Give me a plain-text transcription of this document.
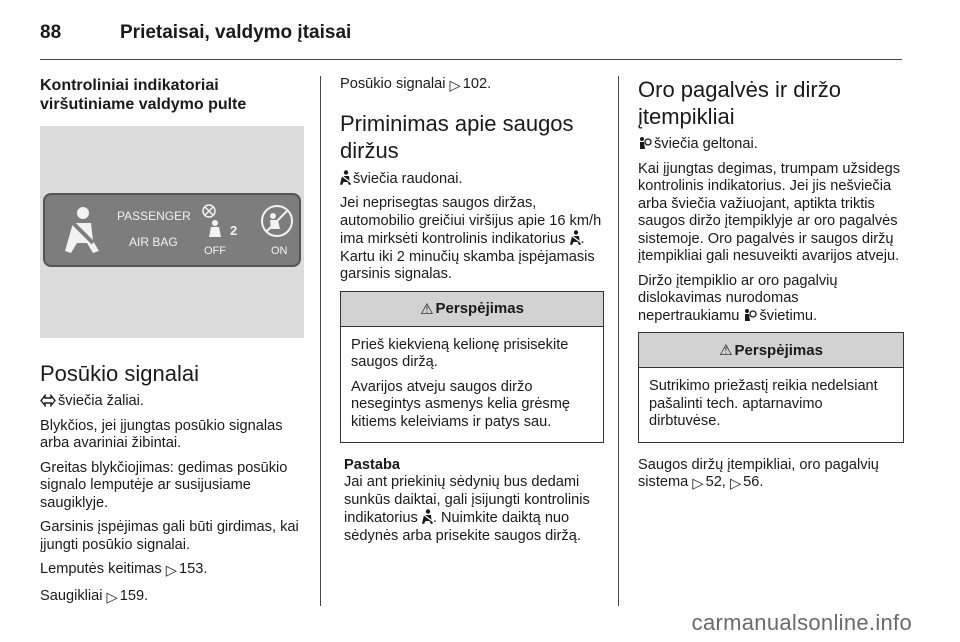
88	Prietaisai, valdymo įtaisai
Kontroliniai indikatoriai viršutiniame valdymo pulte
PASSENGER
AIR BAG
2
OFF	ON
Posūkio signalai

šviečia žaliai.

Blykčios, jei įjungtas posūkio signalas arba avariniai žibintai.

Greitas blykčiojimas: gedimas posūkio signalo lemputėje ar susijusiame saugiklyje.

Garsinis įspėjimas gali būti girdimas, kai įjungti posūkio signalai.

Lemputės keitimas ▷ 153.

Saugikliai ▷ 159.

Posūkio signalai ▷ 102.

Priminimas apie saugos diržus

šviečia raudonai.

Jei neprisegtas saugos diržas, automobilio greičiui viršijus apie 16 km/h ima mirksėti kontrolinis indikatorius . Kartu iki 2 minučių skamba įspėjamasis garsinis signalas.

⚠ Perspėjimas

Prieš kiekvieną kelionę prisisekite saugos diržą.

Avarijos atveju saugos diržo nesegintys asmenys kelia grėsmę kitiems keleiviams ir patys sau.

Pastaba

Jai ant priekinių sėdynių bus dedami sunkūs daiktai, gali įsijungti kontrolinis indikatorius . Nuimkite daiktą nuo sėdynės arba prisekite saugos diržą.

Oro pagalvės ir diržo įtempikliai

šviečia geltonai.

Kai įjungtas degimas, trumpam užsidegs kontrolinis indikatorius. Jei jis nešviečia arba šviečia važiuojant, aptikta triktis saugos diržo įtempiklyje ar oro pagalvės sistemoje. Oro pagalvės ir saugos diržų įtempikliai gali nesuveikti avarijos atveju.

Diržo įtempiklio ar oro pagalvių dislokavimas nurodomas nepertraukiamu švietimu.

⚠ Perspėjimas

Sutrikimo priežastį reikia nedelsiant pašalinti tech. aptarnavimo dirbtuvėse.

Saugos diržų įtempikliai, oro pagalvių sistema ▷ 52, ▷ 56.

carmanualsonline.info
